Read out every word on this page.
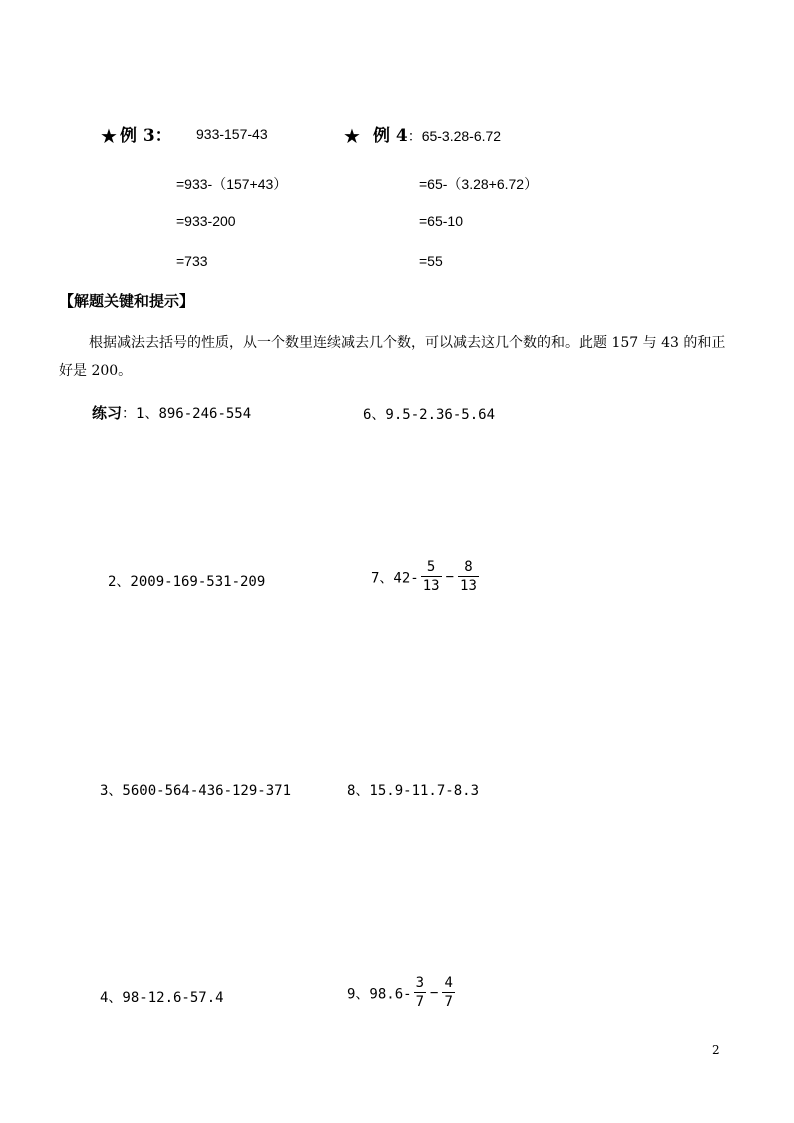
★ 例 3： 933-157-43
=933-（157+43）
=933-200
=733
★ 例 4：65-3.28-6.72
=65-（3.28+6.72）
=65-10
=55
【解题关键和提示】
根据减法去括号的性质，从一个数里连续减去几个数，可以减去这几个数的和。此题 157 与 43 的和正好是 200。
练习：1、896-246-554	6、9.5-2.36-5.64
2、2009-169-531-209	7、$42- \frac{5}{13} - \frac{8}{13}$
3、5600-564-436-129-371	8、15.9-11.7-8.3
4、98-12.6-57.4	9、$98.6- \frac{3}{7} - \frac{4}{7}$
2
